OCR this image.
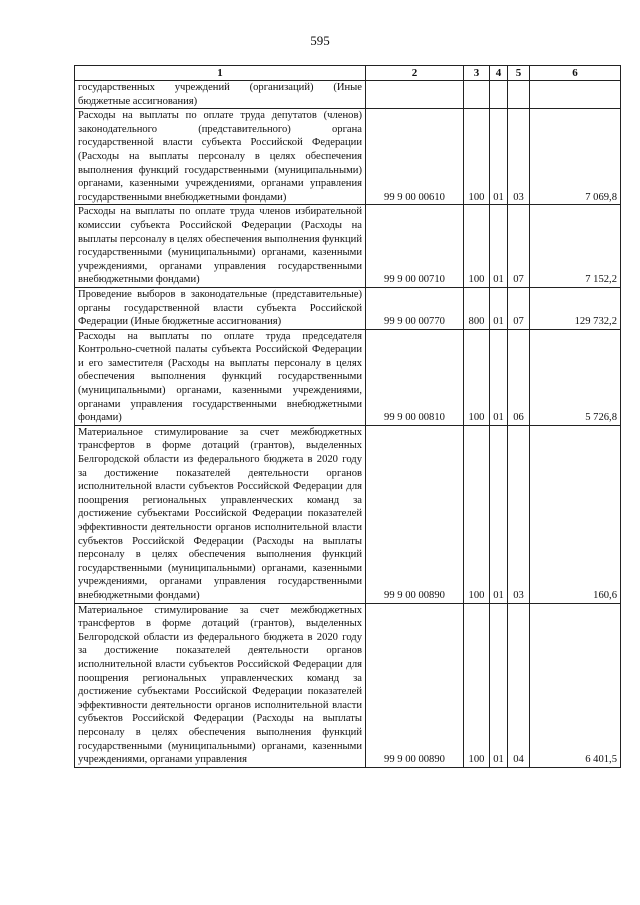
595
1	2	3	4	5	6
государственных учреждений (организаций) (Иные бюджетные ассигнования)					
Расходы на выплаты по оплате труда депутатов (членов) законодательного (представительного) органа государственной власти субъекта Российской Федерации (Расходы на выплаты персоналу в целях обеспечения выполнения функций государственными (муниципальными) органами, казенными учреждениями, органами управления государственными внебюджетными фондами)	99 9 00 00610	100	01	03	7 069,8
Расходы на выплаты по оплате труда членов избирательной комиссии субъекта Российской Федерации (Расходы на выплаты персоналу в целях обеспечения выполнения функций государственными (муниципальными) органами, казенными учреждениями, органами управления государственными внебюджетными фондами)	99 9 00 00710	100	01	07	7 152,2
Проведение выборов в законодательные (представительные) органы государственной власти субъекта Российской Федерации (Иные бюджетные ассигнования)	99 9 00 00770	800	01	07	129 732,2
Расходы на выплаты по оплате труда председателя Контрольно-счетной палаты субъекта Российской Федерации и его заместителя (Расходы на выплаты персоналу в целях обеспечения выполнения функций государственными (муниципальными) органами, казенными учреждениями, органами управления государственными внебюджетными фондами)	99 9 00 00810	100	01	06	5 726,8
Материальное стимулирование за счет межбюджетных трансфертов в форме дотаций (грантов), выделенных Белгородской области из федерального бюджета в 2020 году за достижение показателей деятельности органов исполнительной власти субъектов Российской Федерации для поощрения региональных управленческих команд за достижение субъектами Российской Федерации показателей эффективности деятельности органов исполнительной власти субъектов Российской Федерации (Расходы на выплаты персоналу в целях обеспечения выполнения функций государственными (муниципальными) органами, казенными учреждениями, органами управления государственными внебюджетными фондами)	99 9 00 00890	100	01	03	160,6
Материальное стимулирование за счет межбюджетных трансфертов в форме дотаций (грантов), выделенных Белгородской области из федерального бюджета в 2020 году за достижение показателей деятельности органов исполнительной власти субъектов Российской Федерации для поощрения региональных управленческих команд за достижение субъектами Российской Федерации показателей эффективности деятельности органов исполнительной власти субъектов Российской Федерации (Расходы на выплаты персоналу в целях обеспечения выполнения функций государственными (муниципальными) органами, казенными учреждениями, органами управления	99 9 00 00890	100	01	04	6 401,5
